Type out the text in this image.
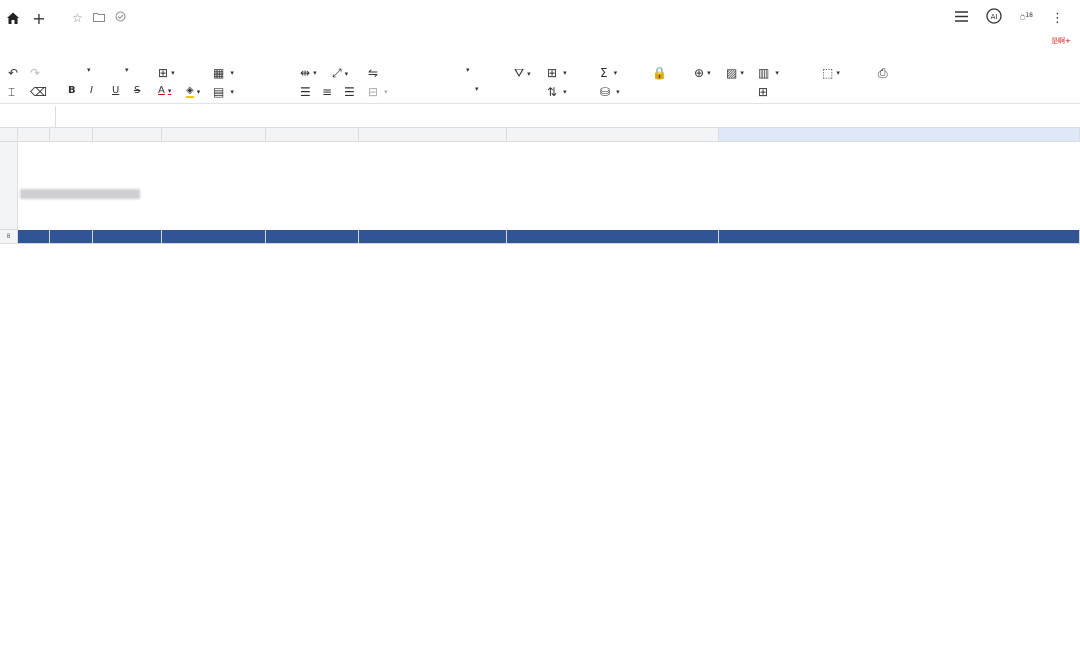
+ ☆	AI	⍥$^{18}$ ⋮
是啊+
↶ ↷
⌶ ⌫
▾	▾
B I U S A ▾ ◈ ▾
⊞ ▾	▦ ▾
▤ ▾
⇹ ▾ ⤢ ▾
☰ ≡ ☰
⇋
⊟ ▾
▾
▾
⛛ ▾ ⊞ ▾
⇅ ▾
Σ ▾
⛁ ▾
🔒 ⊕ ▾ ▨ ▾ ▥ ▾
⊞
⬚ ▾	⎙
8
